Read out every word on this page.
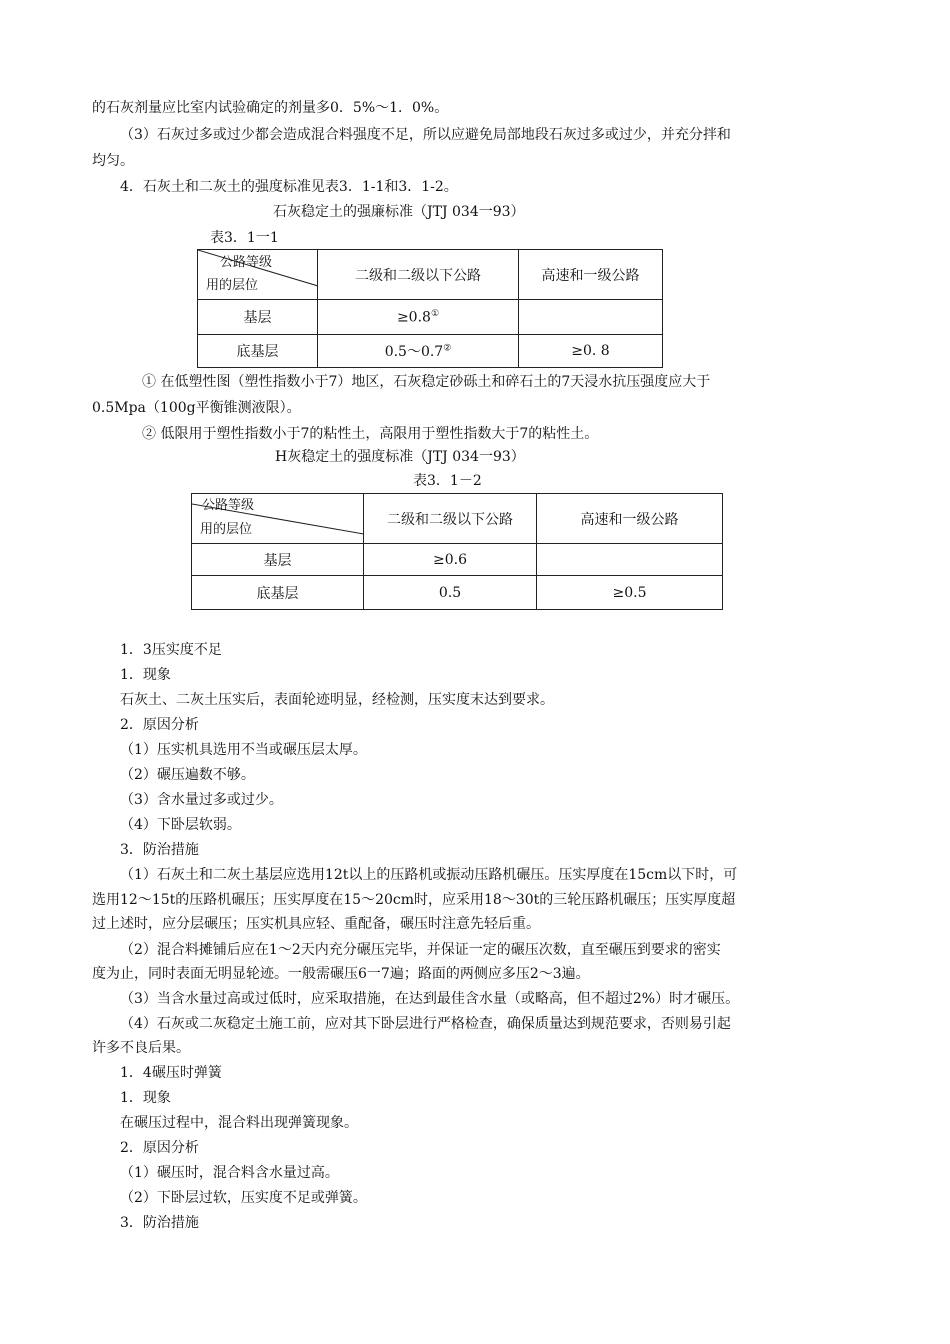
的石灰剂量应比室内试验确定的剂量多0．5%～1．0%。
（3）石灰过多或过少都会造成混合料强度不足，所以应避免局部地段石灰过多或过少，并充分拌和
均匀。
4．石灰土和二灰土的强度标准见表3．1-1和3．1-2。
石灰稳定土的强廉标准（JTJ 034一93）
表3．1一1
公路等级
用的层位	二级和二级以下公路	高速和一级公路
基层	≥0.8①	
底基层	0.5～0.7②	≥0. 8
① 在低塑性图（塑性指数小于7）地区，石灰稳定砂砾土和碎石土的7天浸水抗压强度应大于
0.5Mpa（100g平衡锥测液限）。
② 低限用于塑性指数小于7的粘性土，高限用于塑性指数大于7的粘性土。
H灰稳定土的强度标准（JTJ 034一93）
表3．1－2
公路等级
用的层位	二级和二级以下公路	高速和一级公路
基层	≥0.6	
底基层	0.5	≥0.5
1．3压实度不足
1．现象
石灰土、二灰土压实后，表面轮迹明显，经检测，压实度末达到要求。
2．原因分析
（1）压实机具选用不当或碾压层太厚。
（2）碾压遍数不够。
（3）含水量过多或过少。
（4）下卧层软弱。
3．防治措施
（1）石灰土和二灰土基层应选用12t以上的压路机或振动压路机碾压。压实厚度在15cm以下时，可
选用12～15t的压路机碾压；压实厚度在15～20cm时，应采用18～30t的三轮压路机碾压；压实厚度超
过上述时，应分层碾压；压实机具应轻、重配备，碾压时注意先轻后重。
（2）混合料摊铺后应在1～2天内充分碾压完毕，并保证一定的碾压次数，直至碾压到要求的密实
度为止，同时表面无明显轮迹。一般需碾压6一7遍；路面的两侧应多压2～3遍。
（3）当含水量过高或过低时，应采取措施，在达到最佳含水量（或略高，但不超过2%）时才碾压。
（4）石灰或二灰稳定土施工前，应对其下卧层进行严格检查，确保质量达到规范要求，否则易引起
许多不良后果。
1．4碾压时弹簧
1．现象
在碾压过程中，混合料出现弹簧现象。
2．原因分析
（1）碾压时，混合料含水量过高。
（2）下卧层过软，压实度不足或弹簧。
3．防治措施
